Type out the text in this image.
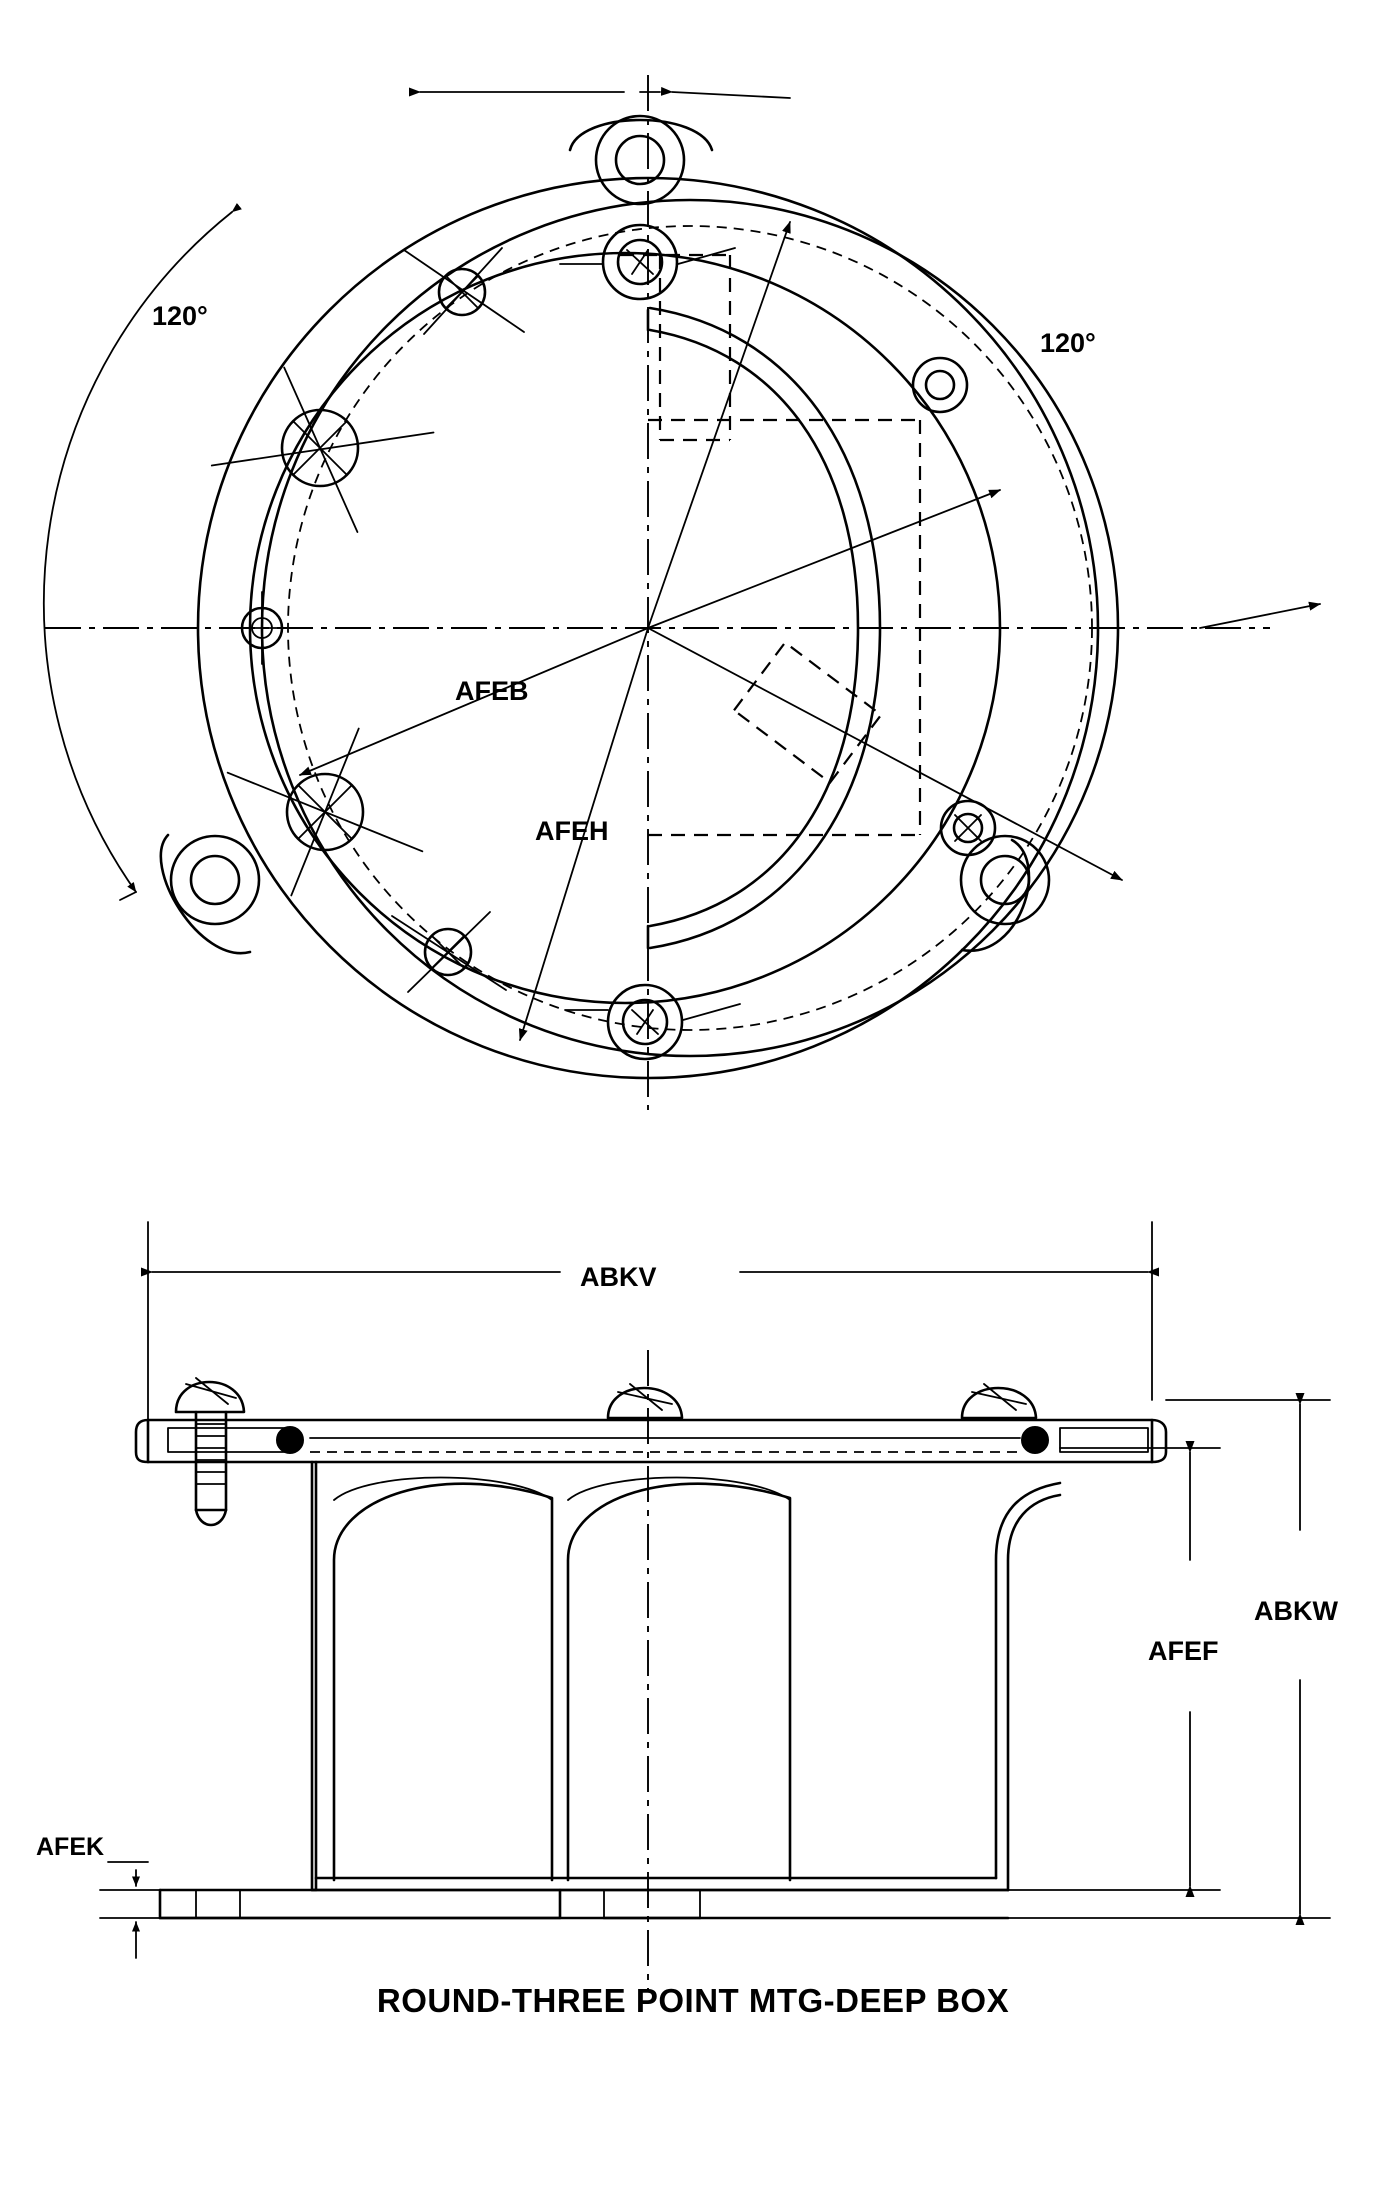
120°
120°
AFEB
AFEH
ABKV
ABKW
AFEF
AFEK
ROUND-THREE POINT MTG-DEEP BOX
